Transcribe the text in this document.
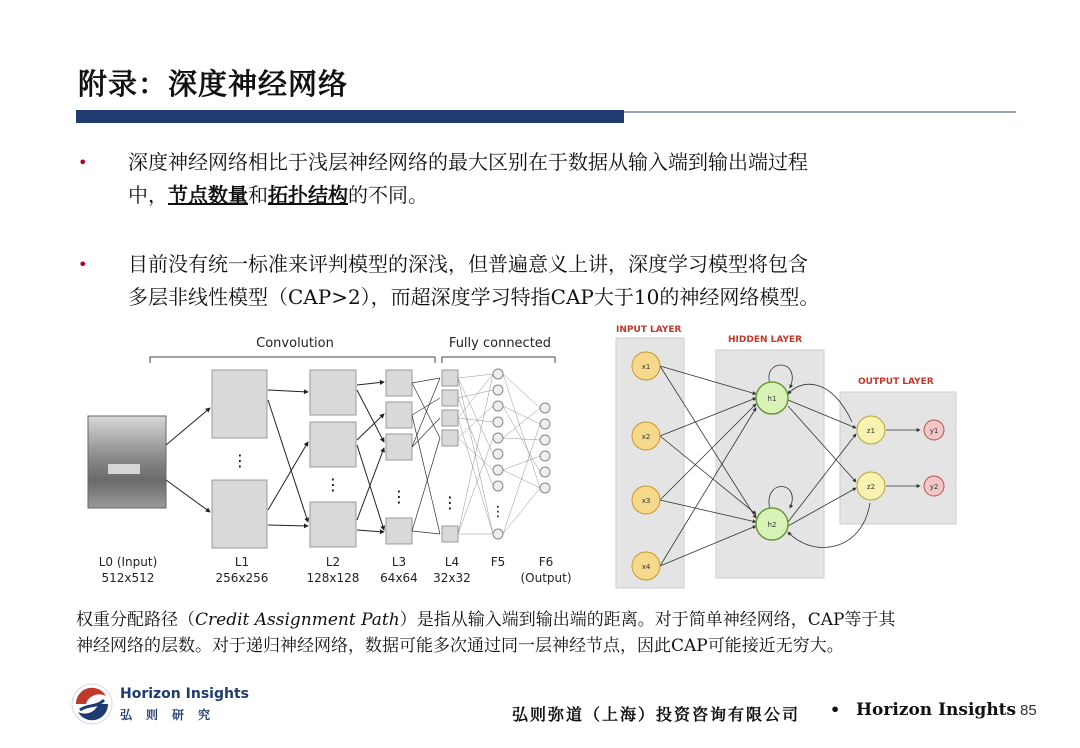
附录：深度神经网络
• 深度神经网络相比于浅层神经网络的最大区别在于数据从输入端到输出端过程
中，节点数量和拓扑结构的不同。
• 目前没有统一标准来评判模型的深浅，但普遍意义上讲，深度学习模型将包含
多层非线性模型（CAP>2），而超深度学习特指CAP大于10的神经网络模型。
Convolution	Fully connected
⋮
⋮
⋮ ⋮ ⋮
L0 (Input)
512x512
L1
256x256
L2
128x128
L3
64x64
L4
32x32
F5	F6
(Output)
INPUT LAYER
HIDDEN LAYER
OUTPUT LAYER
x1
x2
x3
x4
h1
h2
z1
z2
y1
y2
权重分配路径（Credit Assignment Path）是指从输入端到输出端的距离。对于简单神经网络，CAP等于其
神经网络的层数。对于递归神经网络，数据可能多次通过同一层神经节点，因此CAP可能接近无穷大。
Horizon Insights
弘则研究	弘则弥道（上海）投资咨询有限公司 • Horizon Insights 85
